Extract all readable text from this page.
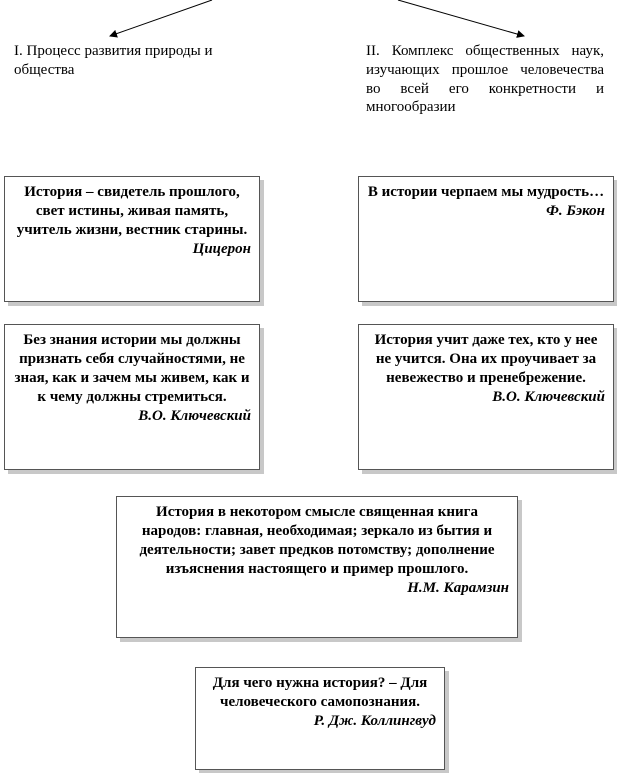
I. Процесс развития природы и общества
II. Комплекс общественных наук, изучающих прошлое человечества во всей его конкретности и
многообразии
История – свидетель прошлого, свет истины, живая память, учитель жизни, вестник старины.
Цицерон
В истории черпаем мы мудрость…
Ф. Бэкон
Без знания истории мы должны признать себя случайностями, не зная, как и зачем мы живем, как и к чему должны стремиться.
В.О. Ключевский
История учит даже тех, кто у нее не учится. Она их проучивает за невежество и пренебрежение.
В.О. Ключевский
История в некотором смысле священная книга народов: главная, необходимая; зеркало из бытия и деятельности; завет предков потомству; дополнение изъяснения настоящего и пример прошлого.
Н.М. Карамзин
Для чего нужна история? – Для человеческого самопознания.
Р. Дж. Коллингвуд
